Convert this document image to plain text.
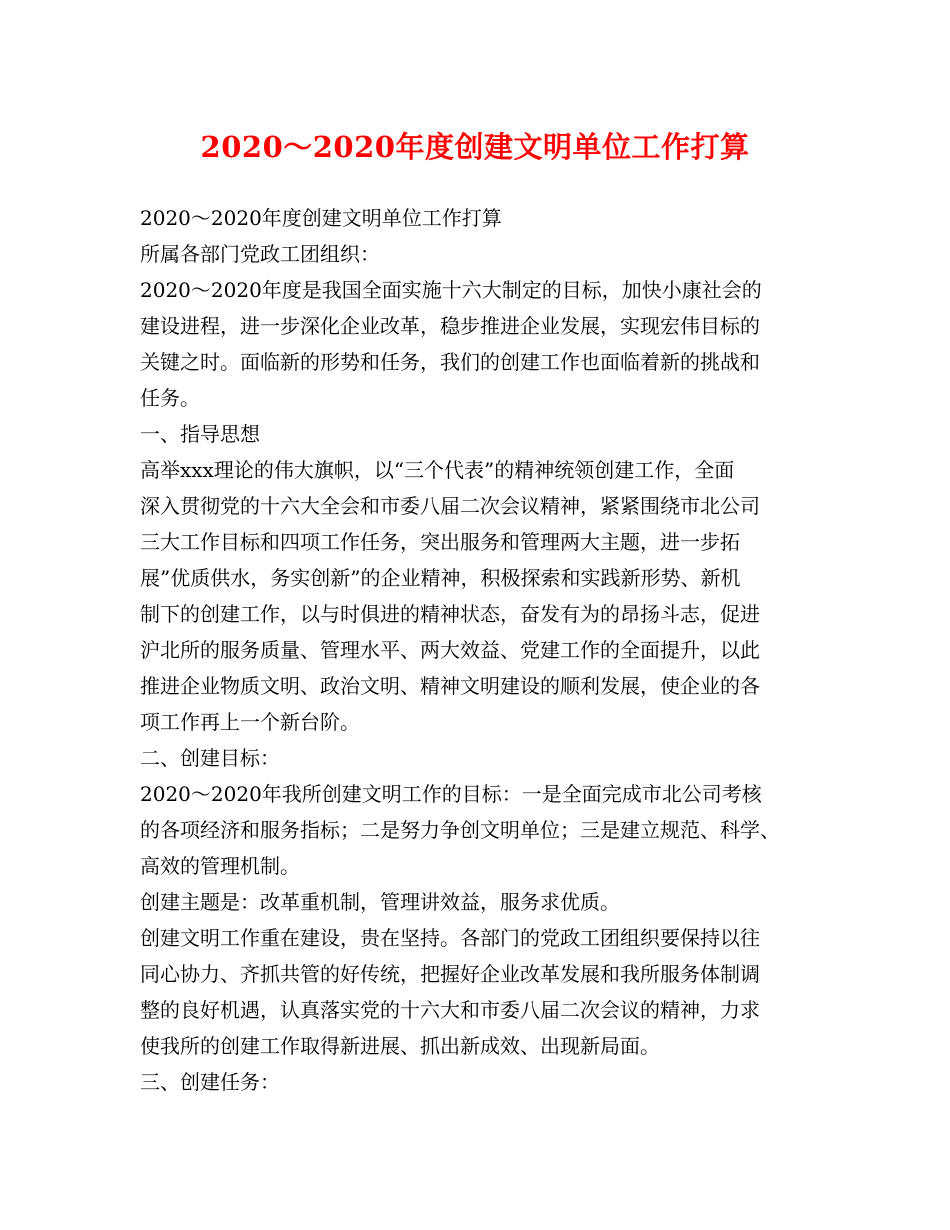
2020～2020年度创建文明单位工作打算
2020～2020年度创建文明单位工作打算
所属各部门党政工团组织：
2020～2020年度是我国全面实施十六大制定的目标，加快小康社会的
建设进程，进一步深化企业改革，稳步推进企业发展，实现宏伟目标的
关键之时。面临新的形势和任务，我们的创建工作也面临着新的挑战和
任务。
一、指导思想
高举xxx理论的伟大旗帜，以“三个代表”的精神统领创建工作，全面
深入贯彻党的十六大全会和市委八届二次会议精神，紧紧围绕市北公司
三大工作目标和四项工作任务，突出服务和管理两大主题，进一步拓
展”优质供水，务实创新”的企业精神，积极探索和实践新形势、新机
制下的创建工作，以与时俱进的精神状态，奋发有为的昂扬斗志，促进
沪北所的服务质量、管理水平、两大效益、党建工作的全面提升，以此
推进企业物质文明、政治文明、精神文明建设的顺利发展，使企业的各
项工作再上一个新台阶。
二、创建目标：
2020～2020年我所创建文明工作的目标：一是全面完成市北公司考核
的各项经济和服务指标；二是努力争创文明单位；三是建立规范、科学、
高效的管理机制。
创建主题是：改革重机制，管理讲效益，服务求优质。
创建文明工作重在建设，贵在坚持。各部门的党政工团组织要保持以往
同心协力、齐抓共管的好传统，把握好企业改革发展和我所服务体制调
整的良好机遇，认真落实党的十六大和市委八届二次会议的精神，力求
使我所的创建工作取得新进展、抓出新成效、出现新局面。
三、创建任务：
